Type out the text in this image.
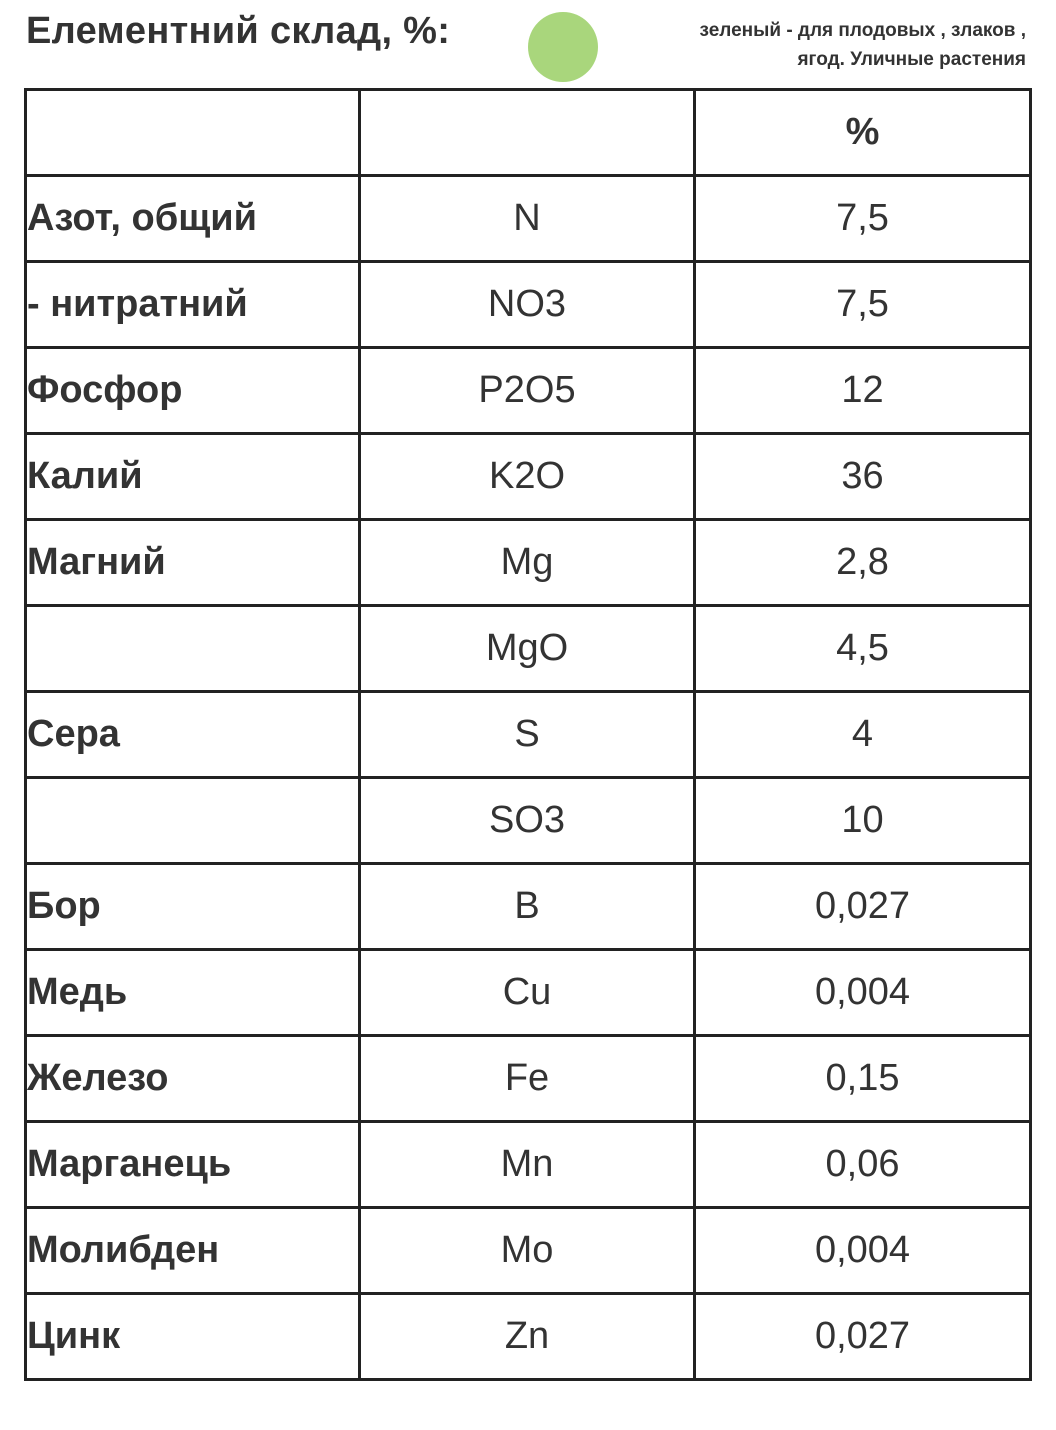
Елементний склад, %:	зеленый - для плодовых , злаков ,
ягод. Уличные растения
		%
Азот, общий	N	7,5
- нитратний	NO3	7,5
Фосфор	P2O5	12
Калий	K2O	36
Магний	Mg	2,8
	MgO	4,5
Сера	S	4
	SO3	10
Бор	B	0,027
Медь	Cu	0,004
Железо	Fe	0,15
Марганець	Mn	0,06
Молибден	Mo	0,004
Цинк	Zn	0,027
